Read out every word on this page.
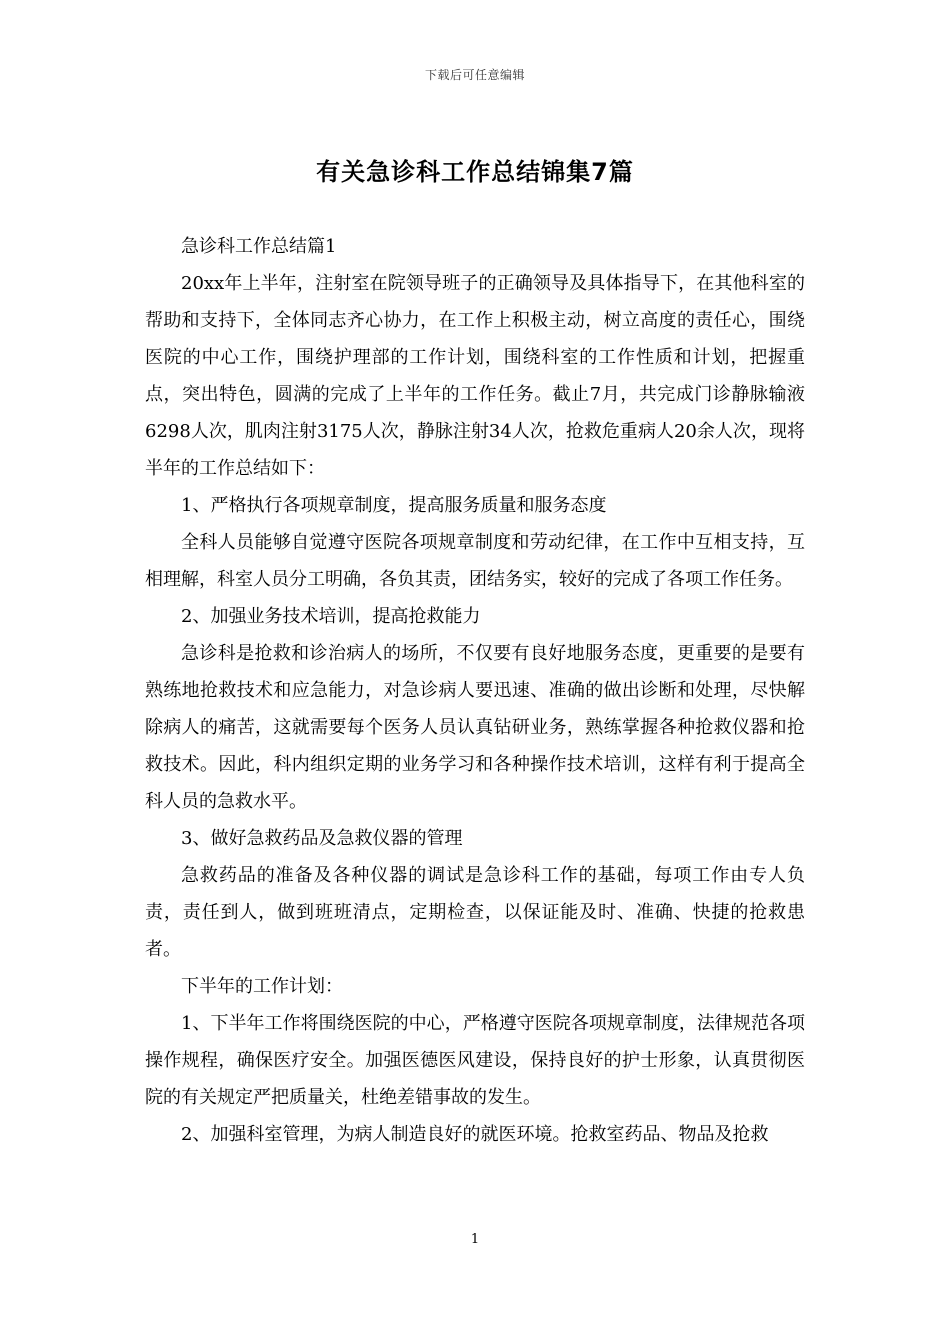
下载后可任意编辑
有关急诊科工作总结锦集7篇

急诊科工作总结篇1

20xx年上半年，注射室在院领导班子的正确领导及具体指导下，在其他科室的帮助和支持下，全体同志齐心协力，在工作上积极主动，树立高度的责任心，围绕医院的中心工作，围绕护理部的工作计划，围绕科室的工作性质和计划，把握重点，突出特色，圆满的完成了上半年的工作任务。截止7月，共完成门诊静脉输液6298人次，肌肉注射3175人次，静脉注射34人次，抢救危重病人20余人次，现将半年的工作总结如下：

1、严格执行各项规章制度，提高服务质量和服务态度

全科人员能够自觉遵守医院各项规章制度和劳动纪律，在工作中互相支持，互相理解，科室人员分工明确，各负其责，团结务实，较好的完成了各项工作任务。

2、加强业务技术培训，提高抢救能力

急诊科是抢救和诊治病人的场所，不仅要有良好地服务态度，更重要的是要有熟练地抢救技术和应急能力，对急诊病人要迅速、准确的做出诊断和处理，尽快解除病人的痛苦，这就需要每个医务人员认真钻研业务，熟练掌握各种抢救仪器和抢救技术。因此，科内组织定期的业务学习和各种操作技术培训，这样有利于提高全科人员的急救水平。

3、做好急救药品及急救仪器的管理

急救药品的准备及各种仪器的调试是急诊科工作的基础，每项工作由专人负责，责任到人，做到班班清点，定期检查，以保证能及时、准确、快捷的抢救患者。

下半年的工作计划：

1、下半年工作将围绕医院的中心，严格遵守医院各项规章制度，法律规范各项操作规程，确保医疗安全。加强医德医风建设，保持良好的护士形象，认真贯彻医院的有关规定严把质量关，杜绝差错事故的发生。

2、加强科室管理，为病人制造良好的就医环境。抢救室药品、物品及抢救

1
